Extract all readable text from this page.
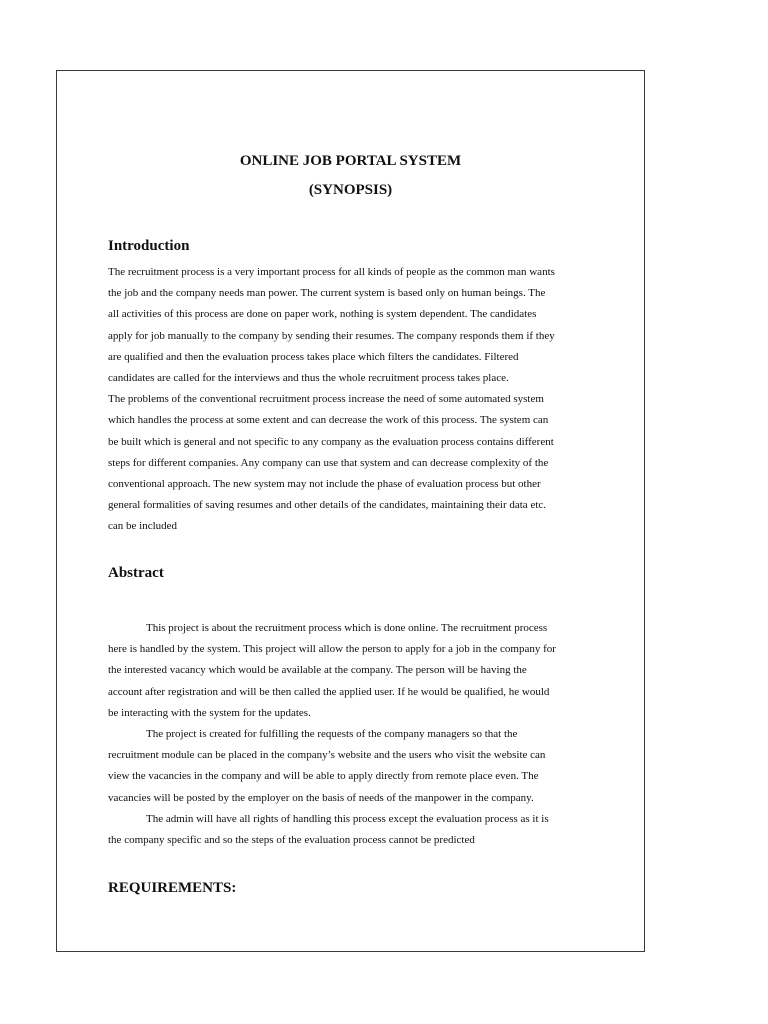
ONLINE JOB PORTAL SYSTEM
(SYNOPSIS)
Introduction

The recruitment process is a very important process for all kinds of people as the common man wants
the job and the company needs man power. The current system is based only on human beings. The
all activities of this process are done on paper work, nothing is system dependent. The candidates
apply for job manually to the company by sending their resumes. The company responds them if they
are qualified and then the evaluation process takes place which filters the candidates. Filtered
candidates are called for the interviews and thus the whole recruitment process takes place.
The problems of the conventional recruitment process increase the need of some automated system
which handles the process at some extent and can decrease the work of this process. The system can
be built which is general and not specific to any company as the evaluation process contains different
steps for different companies. Any company can use that system and can decrease complexity of the
conventional approach. The new system may not include the phase of evaluation process but other
general formalities of saving resumes and other details of the candidates, maintaining their data etc.
can be included

Abstract

This project is about the recruitment process which is done online. The recruitment process
here is handled by the system. This project will allow the person to apply for a job in the company for
the interested vacancy which would be available at the company. The person will be having the
account after registration and will be then called the applied user. If he would be qualified, he would
be interacting with the system for the updates.
The project is created for fulfilling the requests of the company managers so that the
recruitment module can be placed in the company’s website and the users who visit the website can
view the vacancies in the company and will be able to apply directly from remote place even. The
vacancies will be posted by the employer on the basis of needs of the manpower in the company.
The admin will have all rights of handling this process except the evaluation process as it is
the company specific and so the steps of the evaluation process cannot be predicted

REQUIREMENTS:
